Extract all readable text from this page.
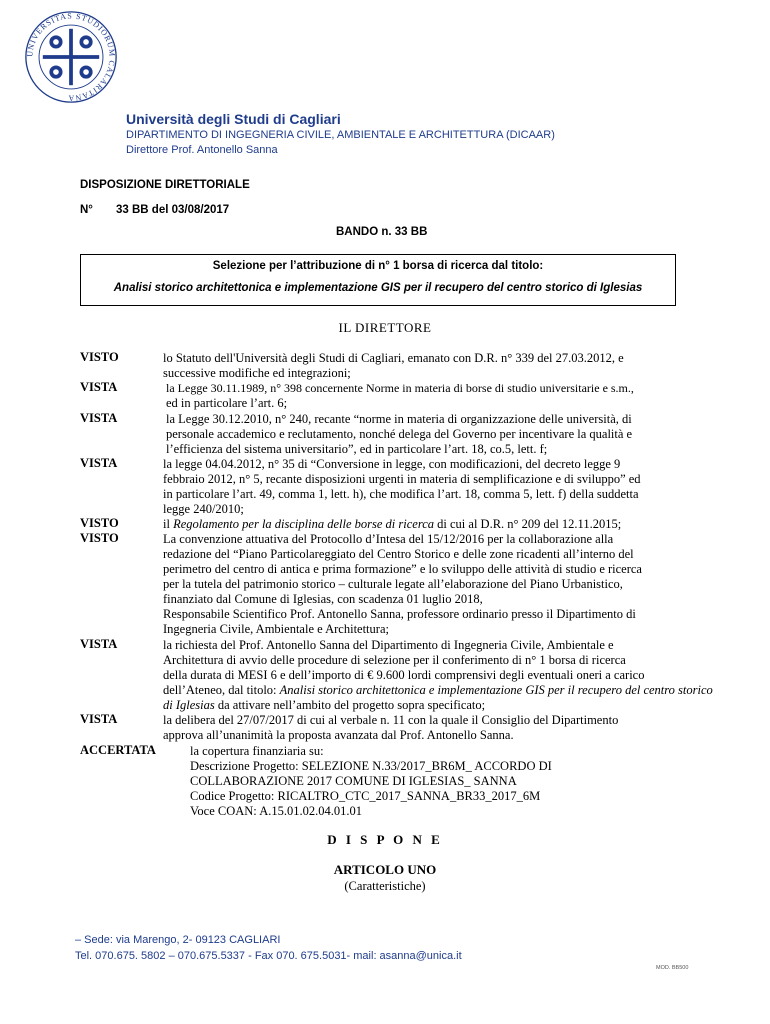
UNIVERSITAS STUDIORUM CALARITANA
Università degli Studi di Cagliari
DIPARTIMENTO DI INGEGNERIA CIVILE, AMBIENTALE E ARCHITETTURA (DICAAR)
Direttore Prof. Antonello Sanna
DISPOSIZIONE DIRETTORIALE
N° 33 BB del 03/08/2017
BANDO n. 33 BB
Selezione per l’attribuzione di n° 1 borsa di ricerca dal titolo:
Analisi storico architettonica e implementazione GIS per il recupero del centro storico di Iglesias
IL DIRETTORE
VISTO	lo Statuto dell'Università degli Studi di Cagliari, emanato con D.R. n° 339 del 27.03.2012, e
successive modifiche ed integrazioni;
VISTA	la Legge 30.11.1989, n° 398 concernente Norme in materia di borse di studio universitarie e s.m.,
ed in particolare l’art. 6;
VISTA	la Legge 30.12.2010, n° 240, recante “norme in materia di organizzazione delle università, di
personale accademico e reclutamento, nonché delega del Governo per incentivare la qualità e
l’efficienza del sistema universitario”, ed in particolare l’art. 18, co.5, lett. f;
VISTA	la legge 04.04.2012, n° 35 di “Conversione in legge, con modificazioni, del decreto legge 9
febbraio 2012, n° 5, recante disposizioni urgenti in materia di semplificazione e di sviluppo” ed
in particolare l’art. 49, comma 1, lett. h), che modifica l’art. 18, comma 5, lett. f) della suddetta
legge 240/2010;
VISTO	il Regolamento per la disciplina delle borse di ricerca di cui al D.R. n° 209 del 12.11.2015;
VISTO	La convenzione attuativa del Protocollo d’Intesa del 15/12/2016 per la collaborazione alla
redazione del “Piano Particolareggiato del Centro Storico e delle zone ricadenti all’interno del
perimetro del centro di antica e prima formazione” e lo sviluppo delle attività di studio e ricerca
per la tutela del patrimonio storico – culturale legate all’elaborazione del Piano Urbanistico,
finanziato dal Comune di Iglesias, con scadenza 01 luglio 2018,
Responsabile Scientifico Prof. Antonello Sanna, professore ordinario presso il Dipartimento di
Ingegneria Civile, Ambientale e Architettura;
VISTA	la richiesta del Prof. Antonello Sanna del Dipartimento di Ingegneria Civile, Ambientale e
Architettura di avvio delle procedure di selezione per il conferimento di n° 1 borsa di ricerca
della durata di MESI 6 e dell’importo di € 9.600 lordi comprensivi degli eventuali oneri a carico
dell’Ateneo, dal titolo: Analisi storico architettonica e implementazione GIS per il recupero del centro storico
di Iglesias da attivare nell’ambito del progetto sopra specificato;
VISTA	la delibera del 27/07/2017 di cui al verbale n. 11 con la quale il Consiglio del Dipartimento
approva all’unanimità la proposta avanzata dal Prof. Antonello Sanna.
ACCERTATA	la copertura finanziaria su:
Descrizione Progetto: SELEZIONE N.33/2017_BR6M_ ACCORDO DI
COLLABORAZIONE 2017 COMUNE DI IGLESIAS_ SANNA
Codice Progetto: RICALTRO_CTC_2017_SANNA_BR33_2017_6M
Voce COAN: A.15.01.02.04.01.01
D I S P O N E
ARTICOLO UNO
(Caratteristiche)
– Sede: via Marengo, 2- 09123 CAGLIARI
Tel. 070.675. 5802 – 070.675.5337 - Fax 070. 675.5031- mail: asanna@unica.it
MOD. BB500
